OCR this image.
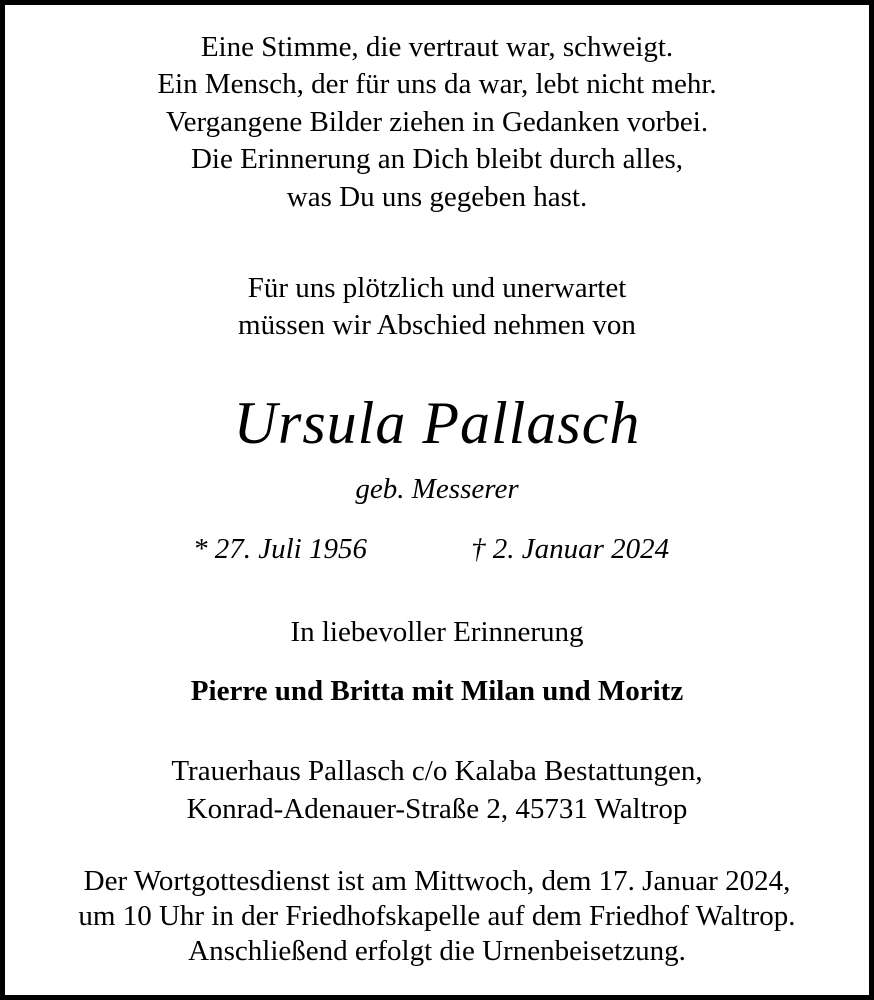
Eine Stimme, die vertraut war, schweigt.
Ein Mensch, der für uns da war, lebt nicht mehr.
Vergangene Bilder ziehen in Gedanken vorbei.
Die Erinnerung an Dich bleibt durch alles,
was Du uns gegeben hast.
Für uns plötzlich und unerwartet
müssen wir Abschied nehmen von
Ursula Pallasch
geb. Messerer
* 27. Juli 1956	† 2. Januar 2024
In liebevoller Erinnerung
Pierre und Britta mit Milan und Moritz
Trauerhaus Pallasch c/o Kalaba Bestattungen,
Konrad-Adenauer-Straße 2, 45731 Waltrop
Der Wortgottesdienst ist am Mittwoch, dem 17. Januar 2024,
um 10 Uhr in der Friedhofskapelle auf dem Friedhof Waltrop.
Anschließend erfolgt die Urnenbeisetzung.
